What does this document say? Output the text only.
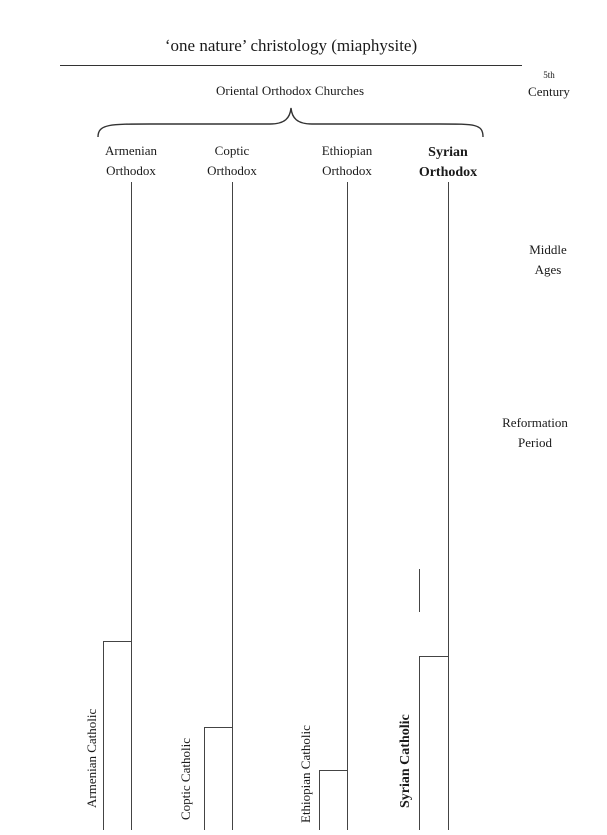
‘one nature’ christology (miaphysite)
5th
Century
Middle
Ages
Reformation
Period
Oriental Orthodox Churches
Armenian
Orthodox
Coptic
Orthodox
Ethiopian
Orthodox
Syrian
Orthodox
Armenian Catholic	Coptic Catholic	Ethiopian Catholic	Syrian Catholic
